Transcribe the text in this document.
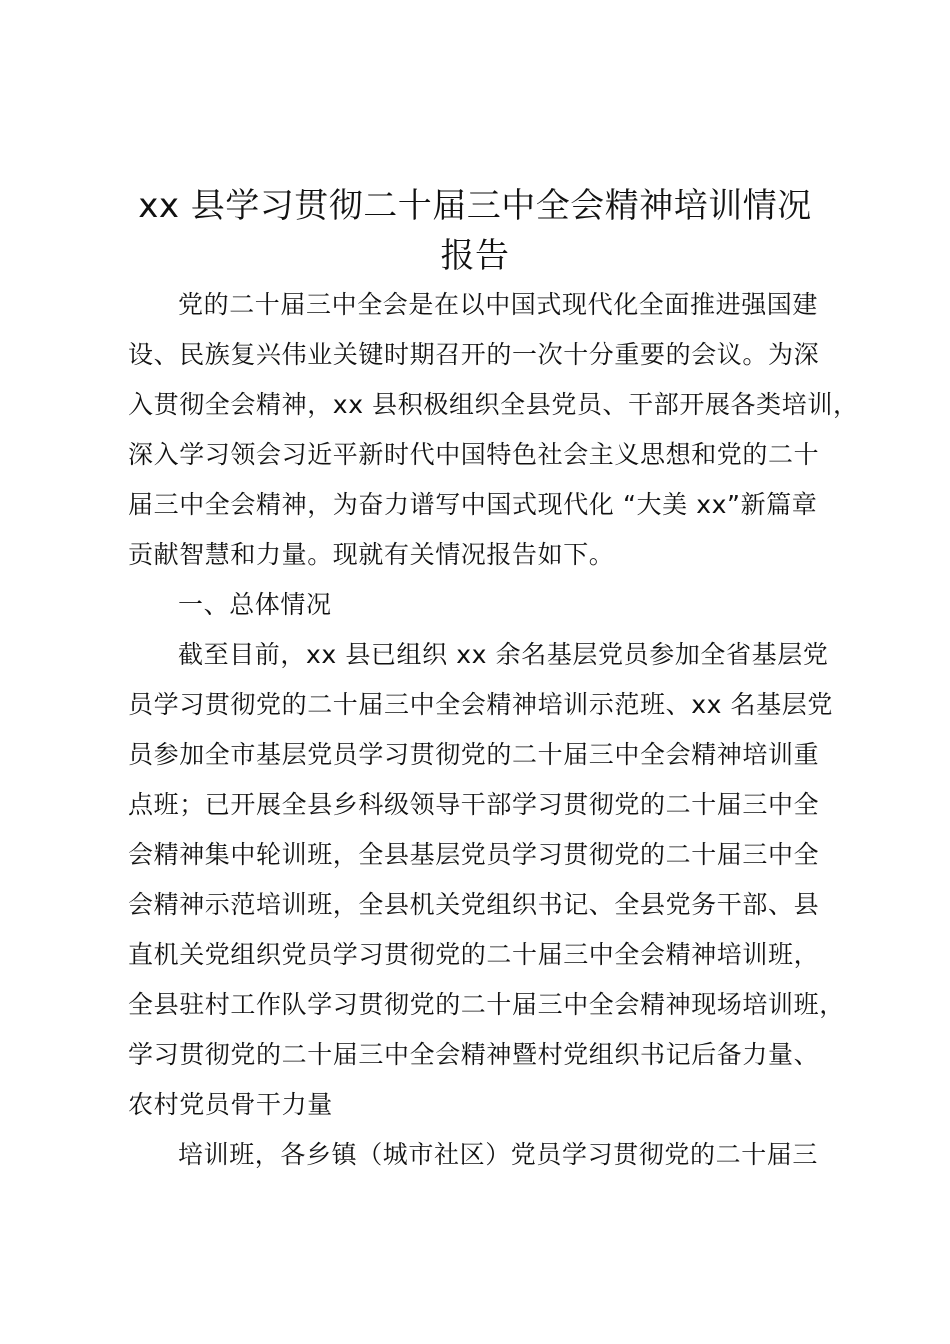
xx 县学习贯彻二十届三中全会精神培训情况
报告

党的二十届三中全会是在以中国式现代化全面推进强国建

设、民族复兴伟业关键时期召开的一次十分重要的会议。为深

入贯彻全会精神，xx 县积极组织全县党员、干部开展各类培训，

深入学习领会习近平新时代中国特色社会主义思想和党的二十

届三中全会精神，为奋力谱写中国式现代化 “大美 xx”新篇章

贡献智慧和力量。现就有关情况报告如下。

一、总体情况

截至目前，xx 县已组织 xx 余名基层党员参加全省基层党

员学习贯彻党的二十届三中全会精神培训示范班、xx 名基层党

员参加全市基层党员学习贯彻党的二十届三中全会精神培训重

点班；已开展全县乡科级领导干部学习贯彻党的二十届三中全

会精神集中轮训班，全县基层党员学习贯彻党的二十届三中全

会精神示范培训班，全县机关党组织书记、全县党务干部、县

直机关党组织党员学习贯彻党的二十届三中全会精神培训班，

全县驻村工作队学习贯彻党的二十届三中全会精神现场培训班，

学习贯彻党的二十届三中全会精神暨村党组织书记后备力量、

农村党员骨干力量

培训班，各乡镇（城市社区）党员学习贯彻党的二十届三
